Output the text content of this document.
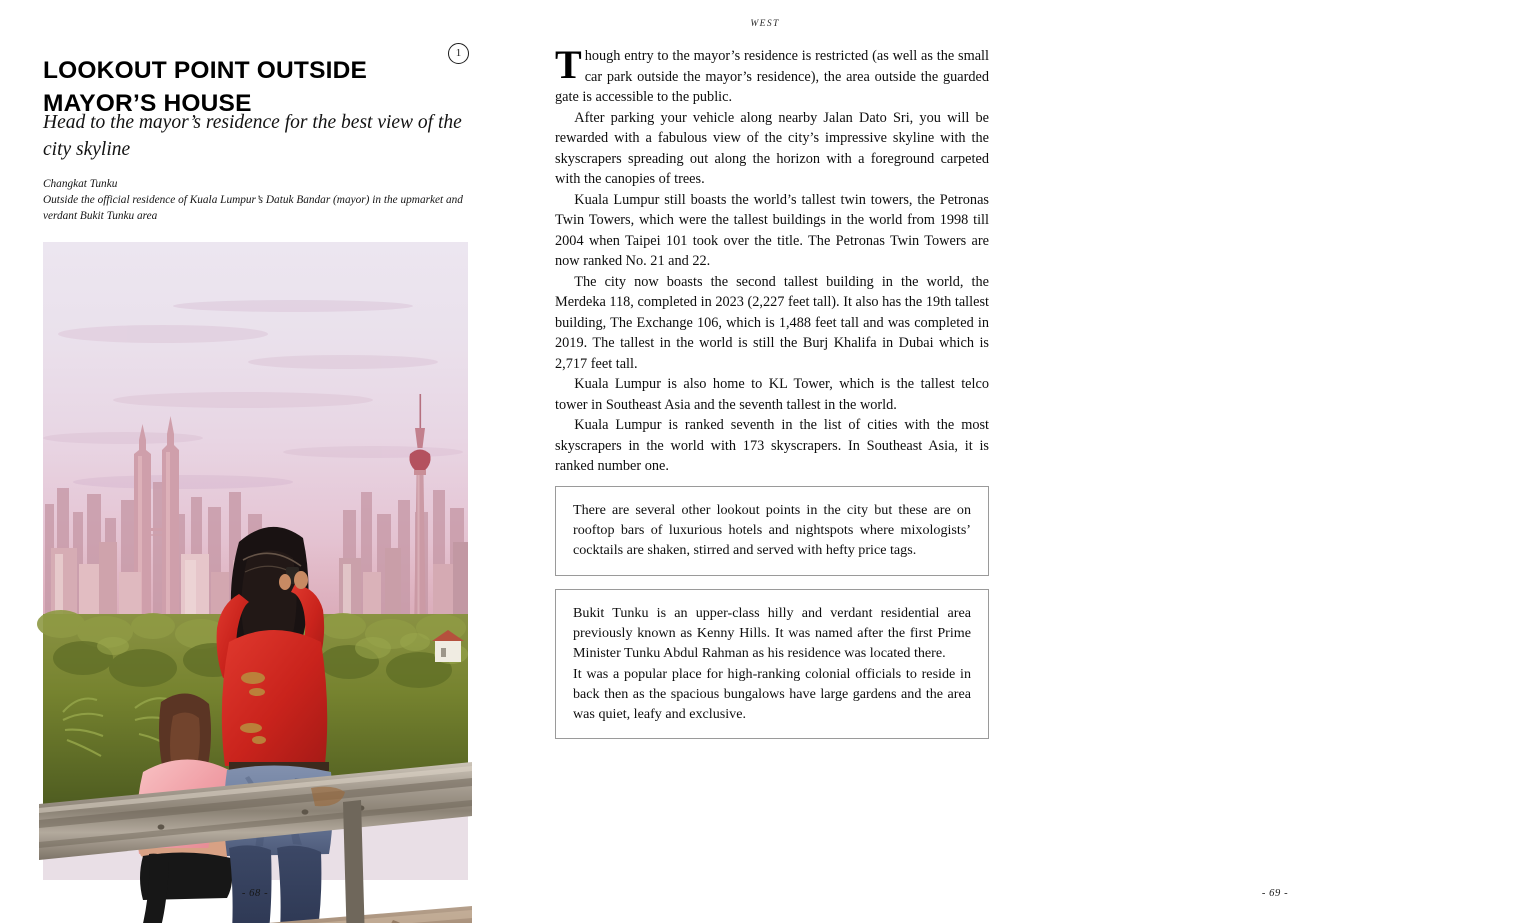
LOOKOUT POINT OUTSIDE MAYOR’S HOUSE
1
Head to the mayor’s residence for the best view of the city skyline
Changkat Tunku
Outside the official residence of Kuala Lumpur’s Datuk Bandar (mayor) in the upmarket and verdant Bukit Tunku area
- 68 -
WEST

Though entry to the mayor’s residence is restricted (as well as the small car park outside the mayor’s residence), the area outside the guarded gate is accessible to the public.

After parking your vehicle along nearby Jalan Dato Sri, you will be rewarded with a fabulous view of the city’s impressive skyline with the skyscrapers spreading out along the horizon with a foreground carpeted with the canopies of trees.

Kuala Lumpur still boasts the world’s tallest twin towers, the Petronas Twin Towers, which were the tallest buildings in the world from 1998 till 2004 when Taipei 101 took over the title. The Petronas Twin Towers are now ranked No. 21 and 22.

The city now boasts the second tallest building in the world, the Merdeka 118, completed in 2023 (2,227 feet tall). It also has the 19th tallest building, The Exchange 106, which is 1,488 feet tall and was completed in 2019. The tallest in the world is still the Burj Khalifa in Dubai which is 2,717 feet tall.

Kuala Lumpur is also home to KL Tower, which is the tallest telco tower in Southeast Asia and the seventh tallest in the world.

Kuala Lumpur is ranked seventh in the list of cities with the most skyscrapers in the world with 173 skyscrapers. In Southeast Asia, it is ranked number one.

- 69 -

There are several other lookout points in the city but these are on rooftop bars of luxurious hotels and nightspots where mixologists’ cocktails are shaken, stirred and served with hefty price tags.

Bukit Tunku is an upper-class hilly and verdant residential area previously known as Kenny Hills. It was named after the first Prime Minister Tunku Abdul Rahman as his residence was located there.
It was a popular place for high-ranking colonial officials to reside in back then as the spacious bungalows have large gardens and the area was quiet, leafy and exclusive.
